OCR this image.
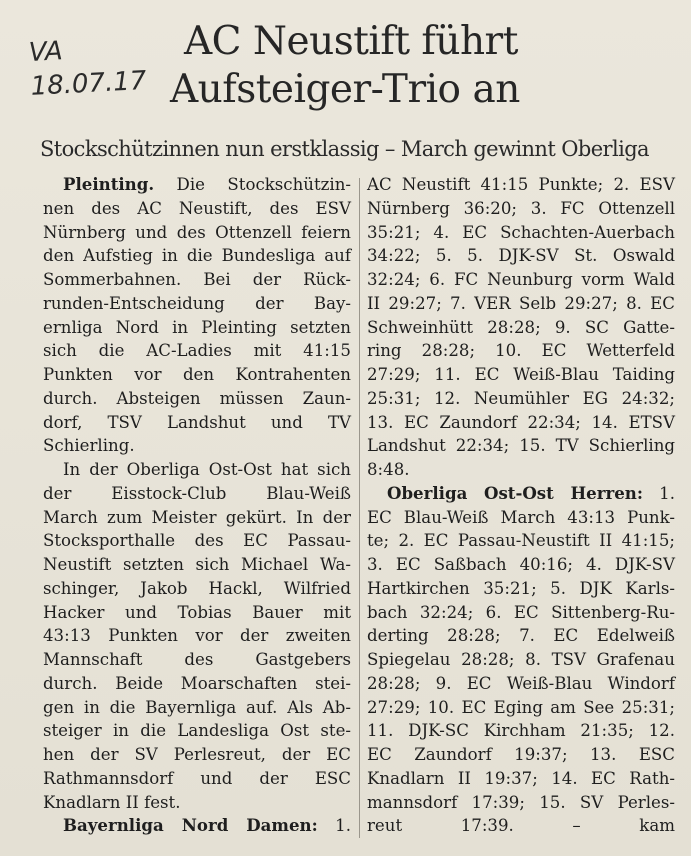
VA
18.07.17
AC Neustift führt
Aufsteiger-Trio an
Stockschützinnen nun erstklassig – March gewinnt Oberliga
Pleinting. Die Stockschützin-
nen des AC Neustift, des ESV
Nürnberg und des Ottenzell feiern
den Aufstieg in die Bundesliga auf
Sommerbahnen. Bei der Rück-
runden-Entscheidung der Bay-
ernliga Nord in Pleinting setzten
sich die AC-Ladies mit 41:15
Punkten vor den Kontrahenten
durch. Absteigen müssen Zaun-
dorf, TSV Landshut und TV
Schierling.
In der Oberliga Ost-Ost hat sich
der Eisstock-Club Blau-Weiß
March zum Meister gekürt. In der
Stocksporthalle des EC Passau-
Neustift setzten sich Michael Wa-
schinger, Jakob Hackl, Wilfried
Hacker und Tobias Bauer mit
43:13 Punkten vor der zweiten
Mannschaft des Gastgebers
durch. Beide Moarschaften stei-
gen in die Bayernliga auf. Als Ab-
steiger in die Landesliga Ost ste-
hen der SV Perlesreut, der EC
Rathmannsdorf und der ESC
Knadlarn II fest.
Bayernliga Nord Damen: 1.
AC Neustift 41:15 Punkte; 2. ESV
Nürnberg 36:20; 3. FC Ottenzell
35:21; 4. EC Schachten-Auerbach
34:22; 5. 5. DJK-SV St. Oswald
32:24; 6. FC Neunburg vorm Wald
II 29:27; 7. VER Selb 29:27; 8. EC
Schweinhütt 28:28; 9. SC Gatte-
ring 28:28; 10. EC Wetterfeld
27:29; 11. EC Weiß-Blau Taiding
25:31; 12. Neumühler EG 24:32;
13. EC Zaundorf 22:34; 14. ETSV
Landshut 22:34; 15. TV Schierling
8:48.
Oberliga Ost-Ost Herren: 1.
EC Blau-Weiß March 43:13 Punk-
te; 2. EC Passau-Neustift II 41:15;
3. EC Saßbach 40:16; 4. DJK-SV
Hartkirchen 35:21; 5. DJK Karls-
bach 32:24; 6. EC Sittenberg-Ru-
derting 28:28; 7. EC Edelweiß
Spiegelau 28:28; 8. TSV Grafenau
28:28; 9. EC Weiß-Blau Windorf
27:29; 10. EC Eging am See 25:31;
11. DJK-SC Kirchham 21:35; 12.
EC Zaundorf 19:37; 13. ESC
Knadlarn II 19:37; 14. EC Rath-
mannsdorf 17:39; 15. SV Perles-
reut 17:39. – kam
